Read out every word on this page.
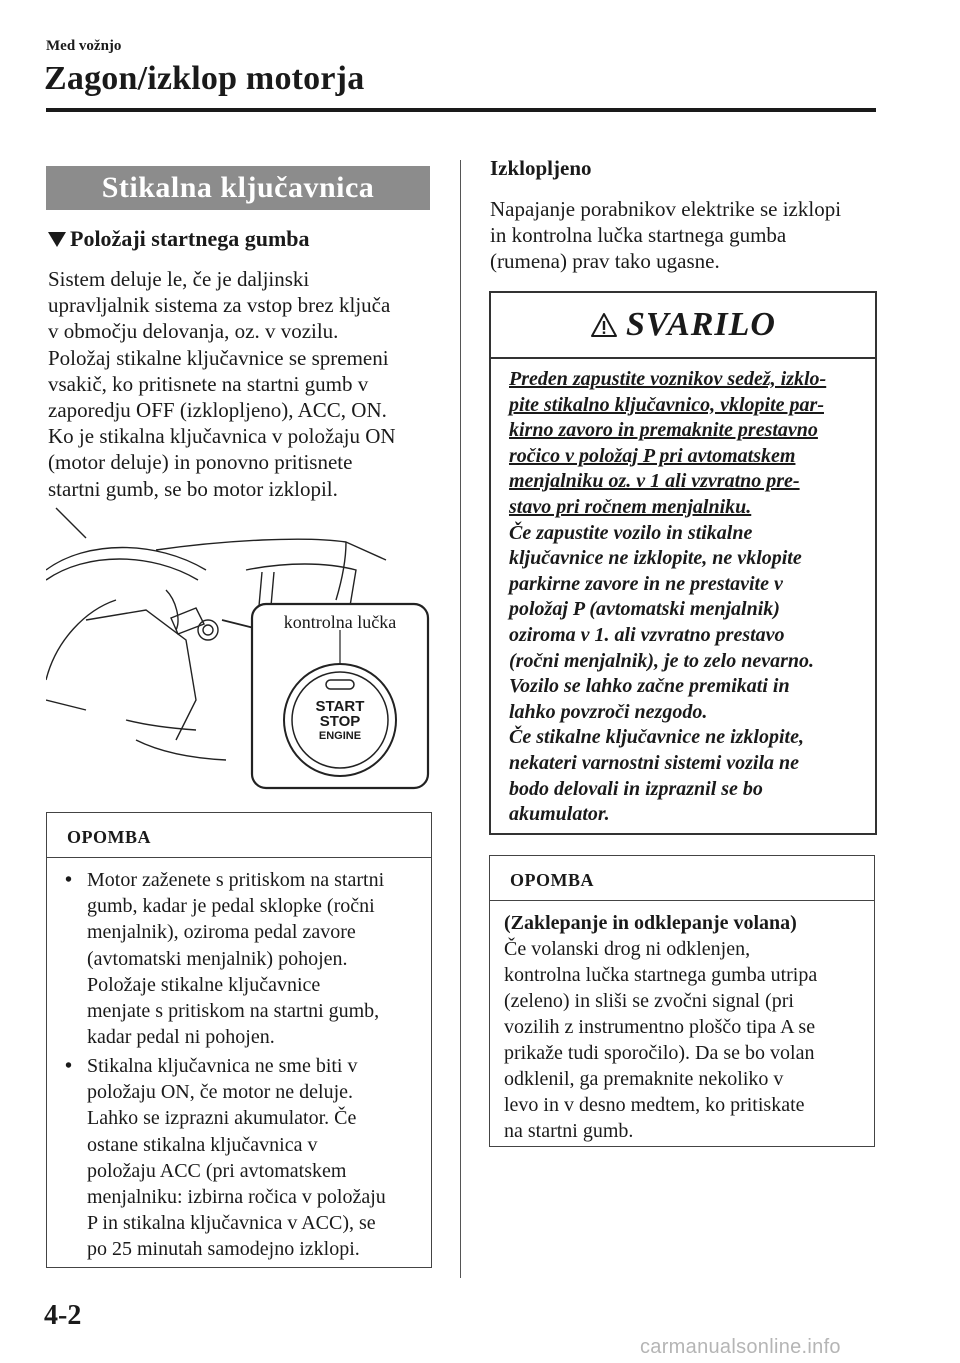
Med vožnjo
Zagon/izklop motorja
Stikalna ključavnica
Položaji startnega gumba
Sistem deluje le, če je daljinski
upravljalnik sistema za vstop brez ključa
v območju delovanja, oz. v vozilu.
Položaj stikalne ključavnice se spremeni
vsakič, ko pritisnete na startni gumb v
zaporedju OFF (izklopljeno), ACC, ON.
Ko je stikalna ključavnica v položaju ON
(motor deluje) in ponovno pritisnete
startni gumb, se bo motor izklopil.
kontrolna lučka
START
STOP
ENGINE
OPOMBA
• Motor zaženete s pritiskom na startni
gumb, kadar je pedal sklopke (ročni
menjalnik), oziroma pedal zavore
(avtomatski menjalnik) pohojen.
Položaje stikalne ključavnice
menjate s pritiskom na startni gumb,
kadar pedal ni pohojen.
• Stikalna ključavnica ne sme biti v
položaju ON, če motor ne deluje.
Lahko se izprazni akumulator. Če
ostane stikalna ključavnica v
položaju ACC (pri avtomatskem
menjalniku: izbirna ročica v položaju
P in stikalna ključavnica v ACC), se
po 25 minutah samodejno izklopi.
Izklopljeno
Napajanje porabnikov elektrike se izklopi
in kontrolna lučka startnega gumba
(rumena) prav tako ugasne.
SVARILO
Preden zapustite voznikov sedež, izklo-
pite stikalno ključavnico, vklopite par-
kirno zavoro in premaknite prestavno
ročico v položaj P pri avtomatskem
menjalniku oz. v 1 ali vzvratno pre-
stavo pri ročnem menjalniku.
Če zapustite vozilo in stikalne
ključavnice ne izklopite, ne vklopite
parkirne zavore in ne prestavite v
položaj P (avtomatski menjalnik)
oziroma v 1. ali vzvratno prestavo
(ročni menjalnik), je to zelo nevarno.
Vozilo se lahko začne premikati in
lahko povzroči nezgodo.
Če stikalne ključavnice ne izklopite,
nekateri varnostni sistemi vozila ne
bodo delovali in izpraznil se bo
akumulator.
OPOMBA
(Zaklepanje in odklepanje volana)
Če volanski drog ni odklenjen,
kontrolna lučka startnega gumba utripa
(zeleno) in sliši se zvočni signal (pri
vozilih z instrumentno ploščo tipa A se
prikaže tudi sporočilo). Da se bo volan
odklenil, ga premaknite nekoliko v
levo in v desno medtem, ko pritiskate
na startni gumb.
4-2
carmanualsonline.info
